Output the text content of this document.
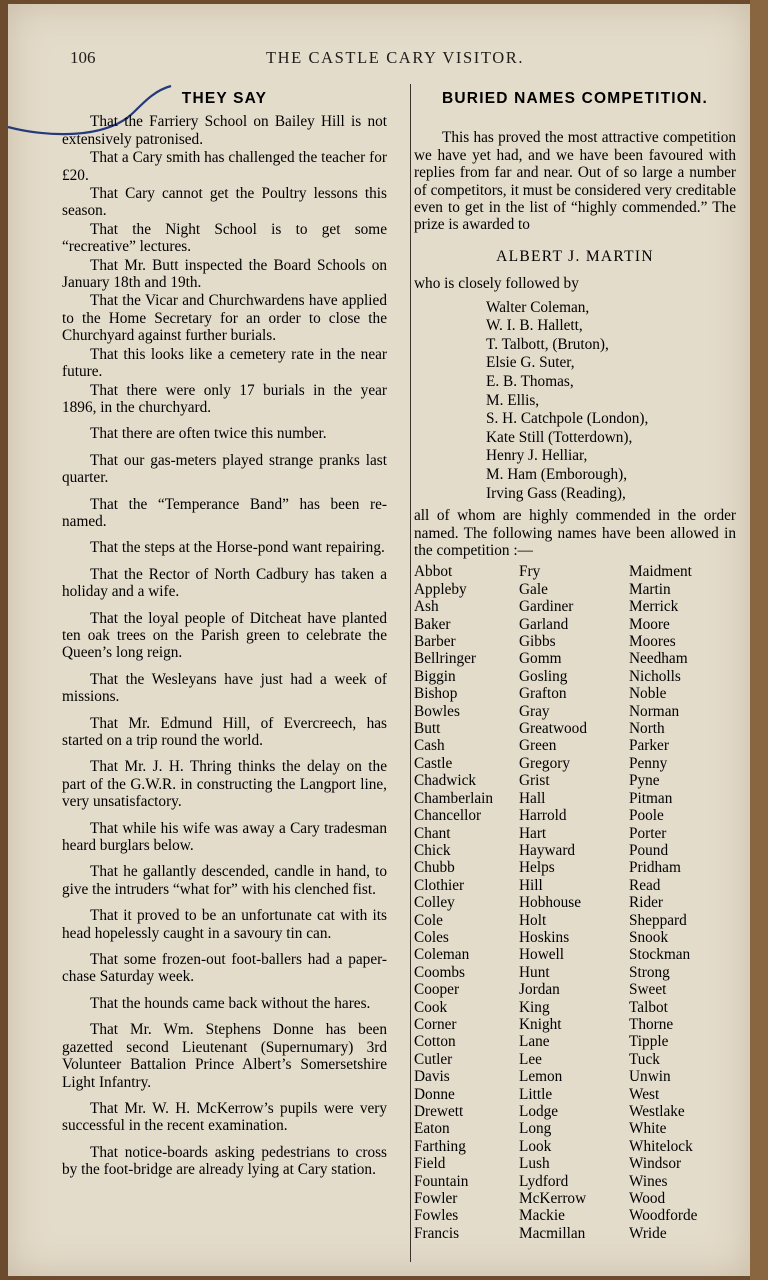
106	THE CASTLE CARY VISITOR.
THEY SAY

That the Farriery School on Bailey Hill is not extensively patronised.

That a Cary smith has challenged the teacher for £20.

That Cary cannot get the Poultry lessons this season.

That the Night School is to get some “recreative” lectures.

That Mr. Butt inspected the Board Schools on January 18th and 19th.

That the Vicar and Churchwardens have applied to the Home Secretary for an order to close the Churchyard against further burials.

That this looks like a cemetery rate in the near future.

That there were only 17 burials in the year 1896, in the churchyard.

That there are often twice this number.

That our gas-meters played strange pranks last quarter.

That the “Temperance Band” has been re-named.

That the steps at the Horse-pond want repairing.

That the Rector of North Cadbury has taken a holiday and a wife.

That the loyal people of Ditcheat have planted ten oak trees on the Parish green to celebrate the Queen’s long reign.

That the Wesleyans have just had a week of missions.

That Mr. Edmund Hill, of Evercreech, has started on a trip round the world.

That Mr. J. H. Thring thinks the delay on the part of the G.W.R. in constructing the Langport line, very unsatisfactory.

That while his wife was away a Cary tradesman heard burglars below.

That he gallantly descended, candle in hand, to give the intruders “what for” with his clenched fist.

That it proved to be an unfortunate cat with its head hopelessly caught in a savoury tin can.

That some frozen-out foot-ballers had a paper-chase Saturday week.

That the hounds came back without the hares.

That Mr. Wm. Stephens Donne has been gazetted second Lieutenant (Supernumary) 3rd Volunteer Battalion Prince Albert’s Somersetshire Light Infantry.

That Mr. W. H. McKerrow’s pupils were very successful in the recent examination.

That notice-boards asking pedestrians to cross by the foot-bridge are already lying at Cary station.

BURIED NAMES COMPETITION.

This has proved the most attractive competition we have yet had, and we have been favoured with replies from far and near. Out of so large a number of competitors, it must be considered very creditable even to get in the list of “highly commended.” The prize is awarded to

ALBERT J. MARTIN

who is closely followed by

Walter Coleman,
W. I. B. Hallett,
T. Talbott, (Bruton),
Elsie G. Suter,
E. B. Thomas,
M. Ellis,
S. H. Catchpole (London),
Kate Still (Totterdown),
Henry J. Helliar,
M. Ham (Emborough),
Irving Gass (Reading),

all of whom are highly commended in the order named. The following names have been allowed in the competition :—

Abbot	Fry	Maidment
Appleby	Gale	Martin
Ash	Gardiner	Merrick
Baker	Garland	Moore
Barber	Gibbs	Moores
Bellringer	Gomm	Needham
Biggin	Gosling	Nicholls
Bishop	Grafton	Noble
Bowles	Gray	Norman
Butt	Greatwood	North
Cash	Green	Parker
Castle	Gregory	Penny
Chadwick	Grist	Pyne
Chamberlain	Hall	Pitman
Chancellor	Harrold	Poole
Chant	Hart	Porter
Chick	Hayward	Pound
Chubb	Helps	Pridham
Clothier	Hill	Read
Colley	Hobhouse	Rider
Cole	Holt	Sheppard
Coles	Hoskins	Snook
Coleman	Howell	Stockman
Coombs	Hunt	Strong
Cooper	Jordan	Sweet
Cook	King	Talbot
Corner	Knight	Thorne
Cotton	Lane	Tipple
Cutler	Lee	Tuck
Davis	Lemon	Unwin
Donne	Little	West
Drewett	Lodge	Westlake
Eaton	Long	White
Farthing	Look	Whitelock
Field	Lush	Windsor
Fountain	Lydford	Wines
Fowler	McKerrow	Wood
Fowles	Mackie	Woodforde
Francis	Macmillan	Wride
